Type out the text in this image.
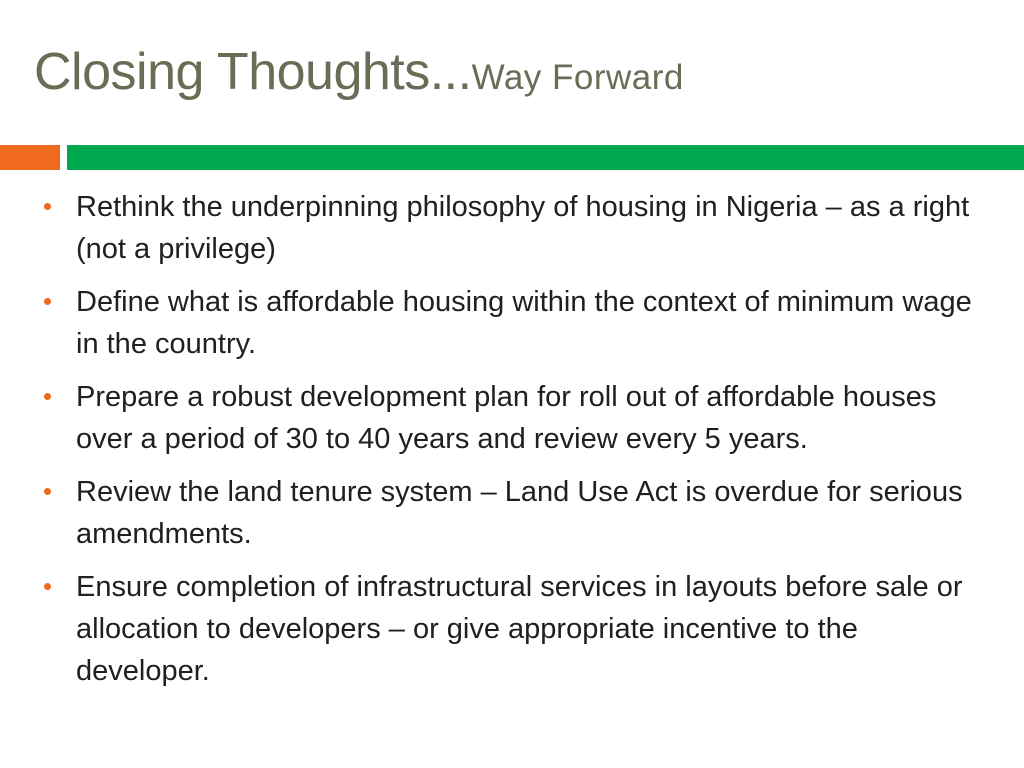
Closing Thoughts...Way Forward
Rethink the underpinning philosophy of housing in Nigeria – as a right (not a privilege)
Define what is affordable housing within the context of minimum wage in the country.
Prepare a robust development plan for roll out of affordable houses over a period of 30 to 40 years and review every 5 years.
Review the land tenure system – Land Use Act is overdue for serious amendments.
Ensure completion of infrastructural services in layouts before sale or allocation to developers – or give appropriate incentive to the developer.
